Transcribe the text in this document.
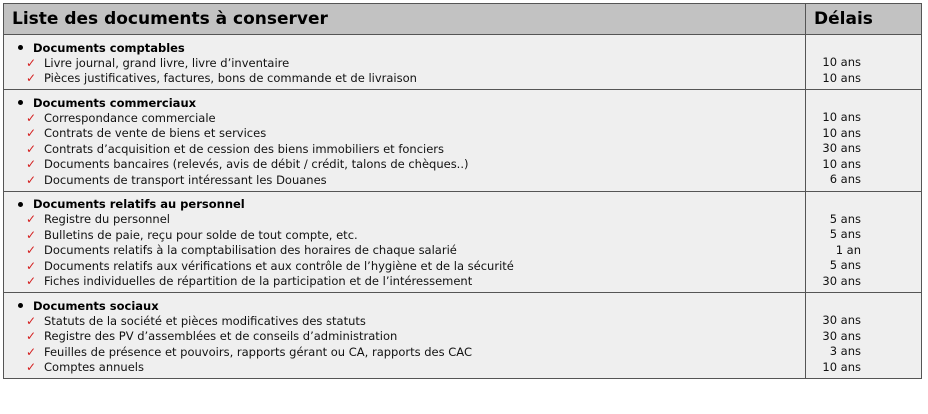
Liste des documents à conserver	Délais
Documents comptables
✓ Livre journal, grand livre, livre d’inventaire
✓ Pièces justificatives, factures, bons de commande et de livraison
10 ans
10 ans
Documents commerciaux
✓ Correspondance commerciale
✓ Contrats de vente de biens et services
✓ Contrats d’acquisition et de cession des biens immobiliers et fonciers
✓ Documents bancaires (relevés, avis de débit / crédit, talons de chèques..)
✓ Documents de transport intéressant les Douanes
10 ans
10 ans
30 ans
10 ans
6 ans
Documents relatifs au personnel
✓ Registre du personnel
✓ Bulletins de paie, reçu pour solde de tout compte, etc.
✓ Documents relatifs à la comptabilisation des horaires de chaque salarié
✓ Documents relatifs aux vérifications et aux contrôle de l’hygiène et de la sécurité
✓ Fiches individuelles de répartition de la participation et de l’intéressement
5 ans
5 ans
1 an
5 ans
30 ans
Documents sociaux
✓ Statuts de la société et pièces modificatives des statuts
✓ Registre des PV d’assemblées et de conseils d’administration
✓ Feuilles de présence et pouvoirs, rapports gérant ou CA, rapports des CAC
✓ Comptes annuels
30 ans
30 ans
3 ans
10 ans
